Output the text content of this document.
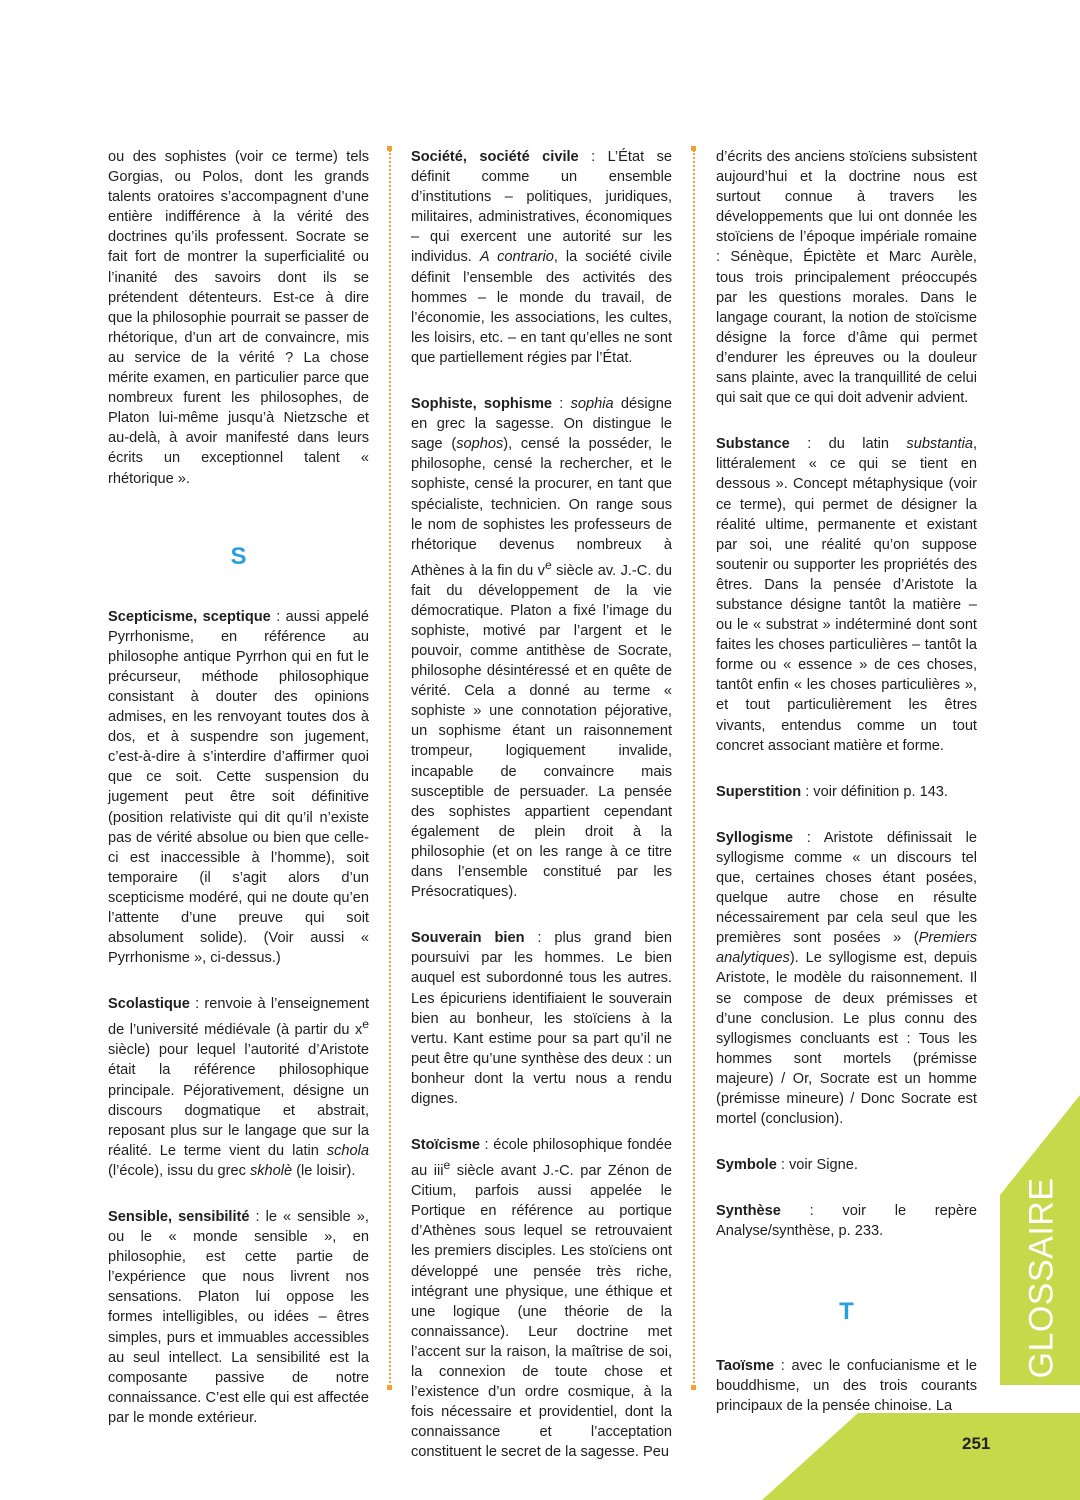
GLOSSAIRE

ou des sophistes (voir ce terme) tels Gorgias, ou Polos, dont les grands talents oratoires s’accompagnent d’une entière indifférence à la vérité des doctrines qu’ils professent. Socrate se fait fort de montrer la superficialité ou l’inanité des savoirs dont ils se prétendent détenteurs. Est-ce à dire que la philosophie pourrait se passer de rhétorique, d’un art de convaincre, mis au service de la vérité ? La chose mérite examen, en particulier parce que nombreux furent les philosophes, de Platon lui-même jusqu’à Nietzsche et au-delà, à avoir manifesté dans leurs écrits un exceptionnel talent « rhétorique ».

S

Scepticisme, sceptique : aussi appelé Pyrrhonisme, en référence au philosophe antique Pyrrhon qui en fut le précurseur, méthode philosophique consistant à douter des opinions admises, en les renvoyant toutes dos à dos, et à suspendre son jugement, c’est-à-dire à s’interdire d’affirmer quoi que ce soit. Cette suspension du jugement peut être soit définitive (position relativiste qui dit qu’il n’existe pas de vérité absolue ou bien que celle-ci est inaccessible à l’homme), soit temporaire (il s’agit alors d’un scepticisme modéré, qui ne doute qu’en l’attente d’une preuve qui soit absolument solide). (Voir aussi « Pyrrhonisme », ci-dessus.)

Scolastique : renvoie à l’enseignement de l’université médiévale (à partir du $x^e$ siècle) pour lequel l’autorité d’Aristote était la référence philosophique principale. Péjorativement, désigne un discours dogmatique et abstrait, reposant plus sur le langage que sur la réalité. Le terme vient du latin schola (l’école), issu du grec skholè (le loisir).

Sensible, sensibilité : le « sensible », ou le « monde sensible », en philosophie, est cette partie de l’expérience que nous livrent nos sensations. Platon lui oppose les formes intelligibles, ou idées – êtres simples, purs et immuables accessibles au seul intellect. La sensibilité est la composante passive de notre connaissance. C’est elle qui est affectée par le monde extérieur.

Société, société civile : L’État se définit comme un ensemble d’institutions – politiques, juridiques, militaires, administratives, économiques – qui exercent une autorité sur les individus. A contrario, la société civile définit l’ensemble des activités des hommes – le monde du travail, de l’économie, les associations, les cultes, les loisirs, etc. – en tant qu’elles ne sont que partiellement régies par l’État.

Sophiste, sophisme : sophia désigne en grec la sagesse. On distingue le sage (sophos), censé la posséder, le philosophe, censé la rechercher, et le sophiste, censé la procurer, en tant que spécialiste, technicien. On range sous le nom de sophistes les professeurs de rhétorique devenus nombreux à Athènes à la fin du $v^e$ siècle av. J.-C. du fait du développement de la vie démocratique. Platon a fixé l’image du sophiste, motivé par l’argent et le pouvoir, comme antithèse de Socrate, philosophe désintéressé et en quête de vérité. Cela a donné au terme « sophiste » une connotation péjorative, un sophisme étant un raisonnement trompeur, logiquement invalide, incapable de convaincre mais susceptible de persuader. La pensée des sophistes appartient cependant également de plein droit à la philosophie (et on les range à ce titre dans l’ensemble constitué par les Présocratiques).

Souverain bien : plus grand bien poursuivi par les hommes. Le bien auquel est subordonné tous les autres. Les épicuriens identifiaient le souverain bien au bonheur, les stoïciens à la vertu. Kant estime pour sa part qu’il ne peut être qu’une synthèse des deux : un bonheur dont la vertu nous a rendu dignes.

Stoïcisme : école philosophique fondée au iii$^e$ siècle avant J.-C. par Zénon de Citium, parfois aussi appelée le Portique en référence au portique d’Athènes sous lequel se retrouvaient les premiers disciples. Les stoïciens ont développé une pensée très riche, intégrant une physique, une éthique et une logique (une théorie de la connaissance). Leur doctrine met l’accent sur la raison, la maîtrise de soi, la connexion de toute chose et l’existence d’un ordre cosmique, à la fois nécessaire et providentiel, dont la connaissance et l’acceptation constituent le secret de la sagesse. Peu

d’écrits des anciens stoïciens subsistent aujourd’hui et la doctrine nous est surtout connue à travers les développements que lui ont donnée les stoïciens de l’époque impériale romaine : Sénèque, Épictète et Marc Aurèle, tous trois principalement préoccupés par les questions morales. Dans le langage courant, la notion de stoïcisme désigne la force d’âme qui permet d’endurer les épreuves ou la douleur sans plainte, avec la tranquillité de celui qui sait que ce qui doit advenir advient.

Substance : du latin substantia, littéralement « ce qui se tient en dessous ». Concept métaphysique (voir ce terme), qui permet de désigner la réalité ultime, permanente et existant par soi, une réalité qu’on suppose soutenir ou supporter les propriétés des êtres. Dans la pensée d’Aristote la substance désigne tantôt la matière – ou le « substrat » indéterminé dont sont faites les choses particulières – tantôt la forme ou « essence » de ces choses, tantôt enfin « les choses particulières », et tout particulièrement les êtres vivants, entendus comme un tout concret associant matière et forme.

Superstition : voir définition p. 143.

Syllogisme : Aristote définissait le syllogisme comme « un discours tel que, certaines choses étant posées, quelque autre chose en résulte nécessairement par cela seul que les premières sont posées » (Premiers analytiques). Le syllogisme est, depuis Aristote, le modèle du raisonnement. Il se compose de deux prémisses et d’une conclusion. Le plus connu des syllogismes concluants est : Tous les hommes sont mortels (prémisse majeure) / Or, Socrate est un homme (prémisse mineure) / Donc Socrate est mortel (conclusion).

Symbole : voir Signe.

Synthèse : voir le repère Analyse/synthèse, p. 233.

T

Taoïsme : avec le confucianisme et le bouddhisme, un des trois courants principaux de la pensée chinoise. La

251
